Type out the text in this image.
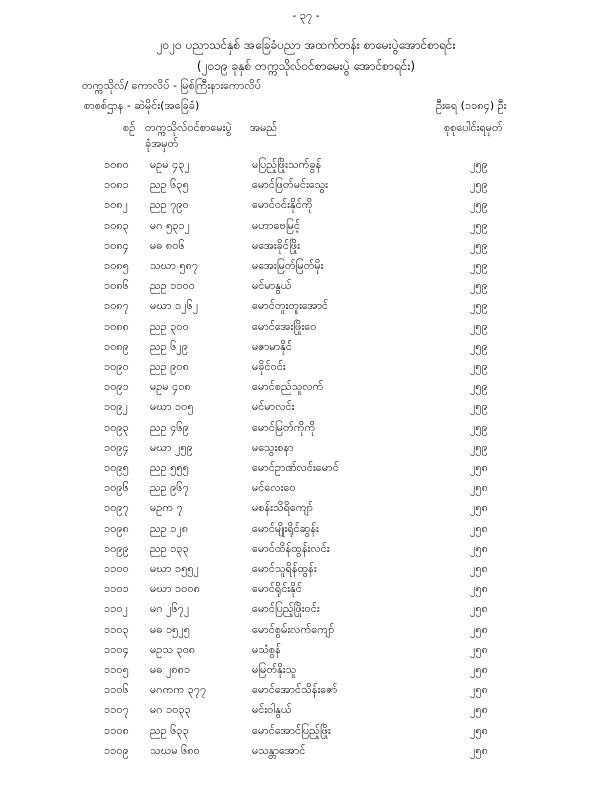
- ၃၇ -
၂၀၂၀ ပညာသင်နှစ် အခြေခံပညာ အထက်တန်း စာမေးပွဲအောင်စာရင်း
(၂၀၁၉ ခုနှစ် တက္ကသိုလ်ဝင်စာမေးပွဲ အောင်စာရင်း)
တက္ကသိုလ်/ ကောလိပ် - မြစ်ကြီးနားကောလိပ်
စာစစ်ဌာန - ဆဲမိုင်း(အခြေခံ)	ဦးရေ (၁၁၈၄) ဦး
စဉ် တက္ကသိုလ်ဝင်စာမေးပွဲ
ခုံအမှတ်
အမည်	စုစုပေါင်းရမှတ်
၁၀၈၀ မဥမ ၄၃၂	မပြည့်ဖြိုးသက်ခွန်	၂၅၉
၁၀၈၁ ညဥ ၆၃၅	မောင်ဖြတ်မင်းသွေး	၂၅၉
၁၀၈၂ ညဥ ၇၉၀	မောင်ဝင်းနိုင်ကို	၂၅၉
၁၀၈၃ မဂ ၅၃၁၂	မဟာဗေမြင့်	၂၅၉
၁၀၈၄ မဓ ၈၀၆	မအေးခိုင်ဖြိုး	၂၅၉
၁၀၈၅ သဃာ ၅၈၇	မအေးမြတ်မြတ်မိုး	၂၅၉
၁၀၈၆ ညဥ ၁၁၀၀	မင်မာနွယ်	၂၅၉
၁၀၈၇ မဃာ ၁၂၆၂	မောင်တူးတူးအောင်	၂၅၉
၁၀၈၈ ညဥ ၃၀၀	မောင်အေးဖြိုးဝေ	၂၅၉
၁၀၈၉ ညဥ ၆၂၉	မဇာမာနိုင်	၂၅၉
၁၀၉၀ ညဥ ၉၀၈	မခိုင်ဝင်း	၂၅၉
၁၀၉၁ မဥမ ၄၀၈	မောင်စည်သူလက်	၂၅၉
၁၀၉၂ မဃာ ၁၀၅	မင်မာလင်း	၂၅၉
၁၀၉၃ ညဥ ၄၆၉	မောင်မြတ်ကိုကို	၂၅၉
၁၀၉၄ မဃာ ၂၅၉	မသွေးစနာ	၂၅၉
၁၀၉၅ ညဥ ၅၅၅	မောင်ဥာဏ်လင်းမောင်	၂၅၈
၁၀၉၆ ညဥ ၉၆၇	မင်လေးဝေ	၂၅၈
၁၀၉၇ မဥက ၇	မစန်းသိရိကျော်	၂၅၈
၁၀၉၈ ညဥ ၁၂၈	မောင်မျိုးရိုင်ဆွန်း	၂၅၈
၁၀၉၉ ညဥ ၁၃၃	မောင်ထိန်ထွန်းလင်း	၂၅၈
၁၁၀၀ မဃာ ၁၅၅၂	မောင်သူရိန်ထွန်း	၂၅၈
၁၁၀၁ မဃာ ၁၀၀၈	မောင်ရိုင်းနိုင်	၂၅၈
၁၁၀၂ မဂ ၂၆၇၂	မောင်ပြည့်ဖြိုးဝင်း	၂၅၈
၁၁၀၃ မဓ ၁၅၂၅	မောင်စွမ်းလက်ကျော်	၂၅၈
၁၁၀၄ မဥသ ၃၀၈	မသံစွန်	၂၅၈
၁၁၀၅ မဓ ၂၈၈၁	မမြတ်နိုးသူ	၂၅၈
၁၁၀၆ မဂကက ၃၇၇	မောင်အောင်သိန်းဇော်	၂၅၈
၁၁၀၇ မဂ ၁၀၃၃	မင်းဝါနွယ်	၂၅၈
၁၁၀၈ ညဥ ၆၃၃	မောင်အောင်ပြည့်ဖြိုး	၂၅၈
၁၁၀၉ သဃမ ၆၈၀	မသန္တာအောင်	၂၅၈
